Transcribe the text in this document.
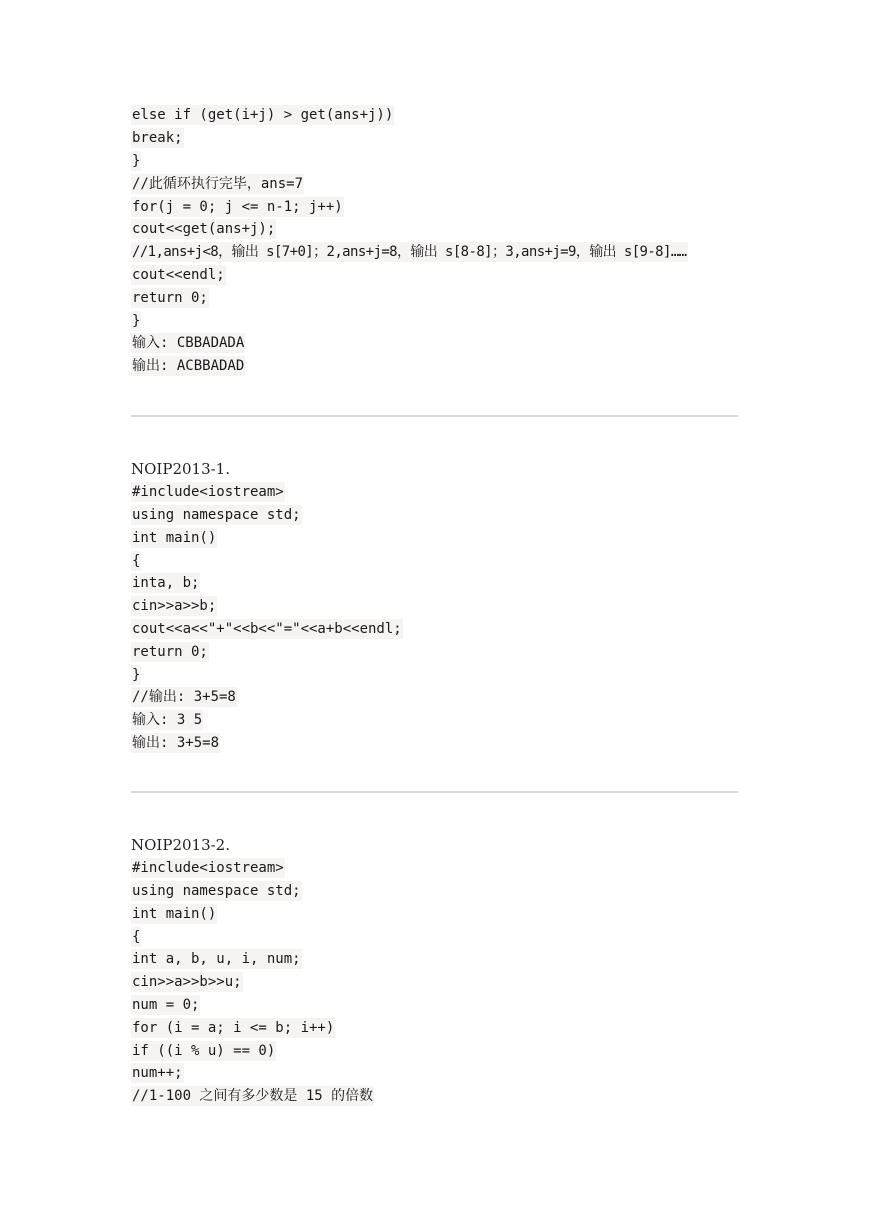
else if (get(i+j) > get(ans+j))
break;
}
//此循环执行完毕，ans=7
for(j = 0; j <= n-1; j++)
cout<<get(ans+j);
//1,ans+j<8，输出 s[7+0]；2,ans+j=8，输出 s[8-8]；3,ans+j=9，输出 s[9-8]……
cout<<endl;
return 0;
}
输入: CBBADADA
输出: ACBBADAD
NOIP2013-1.
#include<iostream>
using namespace std;
int main()
{
inta, b;
cin>>a>>b;
cout<<a<<"+"<<b<<"="<<a+b<<endl;
return 0;
}
//输出: 3+5=8
输入: 3 5
输出: 3+5=8
NOIP2013-2.
#include<iostream>
using namespace std;
int main()
{
int a, b, u, i, num;
cin>>a>>b>>u;
num = 0;
for (i = a; i <= b; i++)
if ((i % u) == 0)
num++;
//1-100 之间有多少数是 15 的倍数
